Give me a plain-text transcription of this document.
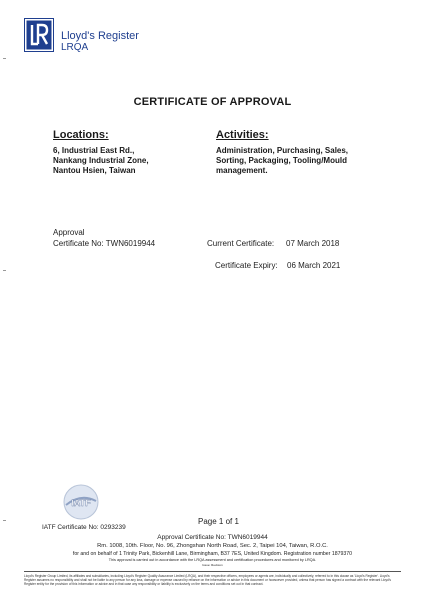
Lloyd's Register
LRQA
CERTIFICATE OF APPROVAL
Locations:
6, Industrial East Rd.,
Nankang Industrial Zone,
Nantou Hsien, Taiwan
Activities:
Administration, Purchasing, Sales,
Sorting, Packaging, Tooling/Mould
management.
Approval
Certificate No: TWN6019944	Current Certificate: 07 March 2018
Certificate Expiry: 06 March 2021
IATF
IATF Certificate No: 0293239
Page 1 of 1
Approval Certificate No: TWN6019944
Rm. 1008, 10th. Floor, No. 96, Zhongshan North Road, Sec. 2, Taipei 104, Taiwan, R.O.C.
for and on behalf of 1 Trinity Park, Bickenhill Lane, Birmingham, B37 7ES, United Kingdom. Registration number 1879370
This approval is carried out in accordance with the LRQA assessment and certification procedures and monitored by LRQA.
Issue: Revision
Lloyd's Register Group Limited, its affiliates and subsidiaries, including Lloyd's Register Quality Assurance Limited (LRQA), and their respective officers, employees or agents are, individually and collectively, referred to in this clause as 'Lloyd's Register'. Lloyd's Register assumes no responsibility and shall not be liable to any person for any loss, damage or expense caused by reliance on the information or advice in this document or howsoever provided, unless that person has signed a contract with the relevant Lloyd's Register entity for the provision of this information or advice and in that case any responsibility or liability is exclusively on the terms and conditions set out in that contract.
